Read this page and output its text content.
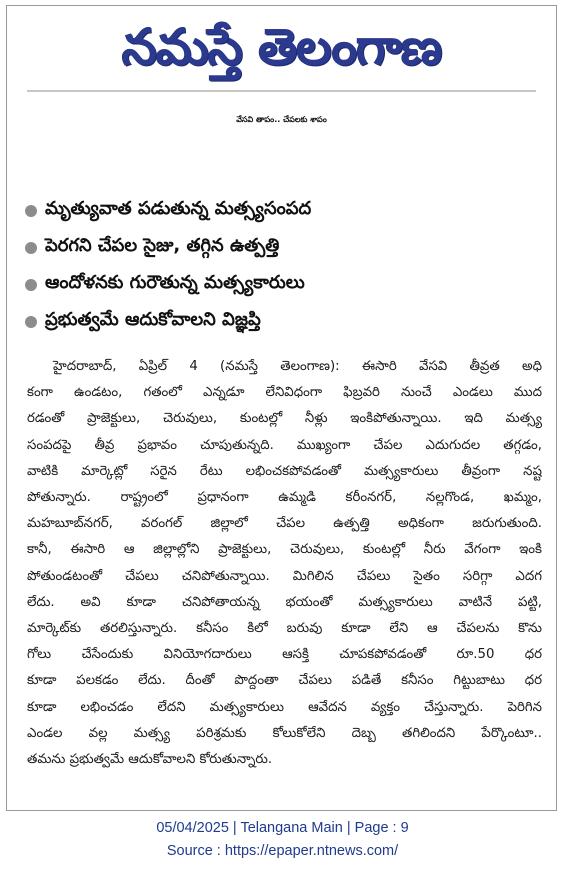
నమస్తే తెలంగాణ
వేసవి తాపం.. చేపలకు శాపం
మృత్యువాత పడుతున్న మత్స్యసంపద
పెరగని చేపల సైజు, తగ్గిన ఉత్పత్తి
ఆందోళనకు గురౌతున్న మత్స్యకారులు
ప్రభుత్వమే ఆదుకోవాలని విజ్ఞప్తి
హైదరాబాద్, ఏప్రిల్ 4 (నమస్తే తెలంగాణ): ఈసారి వేసవి తీవ్రత అధి
కంగా ఉండటం, గతంలో ఎన్నడూ లేనివిధంగా ఫిబ్రవరి నుంచే ఎండలు ముద
రడంతో ప్రాజెక్టులు, చెరువులు, కుంటల్లో నీళ్లు ఇంకిపోతున్నాయి. ఇది మత్స్య
సంపదపై తీవ్ర ప్రభావం చూపుతున్నది. ముఖ్యంగా చేపల ఎదుగుదల తగ్గడం,
వాటికి మార్కెట్లో సరైన రేటు లభించకపోవడంతో మత్స్యకారులు తీవ్రంగా నష్ట
పోతున్నారు. రాష్ట్రంలో ప్రధానంగా ఉమ్మడి కరీంనగర్, నల్లగొండ, ఖమ్మం,
మహబూబ్‌నగర్, వరంగల్ జిల్లాలో చేపల ఉత్పత్తి అధికంగా జరుగుతుంది.
కానీ, ఈసారి ఆ జిల్లాల్లోని ప్రాజెక్టులు, చెరువులు, కుంటల్లో నీరు వేగంగా ఇంకి
పోతుండటంతో చేపలు చనిపోతున్నాయి. మిగిలిన చేపలు సైతం సరిగ్గా ఎదగ
లేదు. అవి కూడా చనిపోతాయన్న భయంతో మత్స్యకారులు వాటినే పట్టి,
మార్కెట్‌కు తరలిస్తున్నారు. కనీసం కిలో బరువు కూడా లేని ఆ చేపలను కొను
గోలు చేసేందుకు వినియోగదారులు ఆసక్తి చూపకపోవడంతో రూ.50 ధర
కూడా పలకడం లేదు. దీంతో పొద్దంతా చేపలు పడితే కనీసం గిట్టుబాటు ధర
కూడా లభించడం లేదని మత్స్యకారులు ఆవేదన వ్యక్తం చేస్తున్నారు. పెరిగిన
ఎండల వల్ల మత్స్య పరిశ్రమకు కోలుకోలేని దెబ్బ తగిలిందని పేర్కొంటూ..
తమను ప్రభుత్వమే ఆదుకోవాలని కోరుతున్నారు.
05/04/2025 | Telangana Main | Page : 9
Source : https://epaper.ntnews.com/
